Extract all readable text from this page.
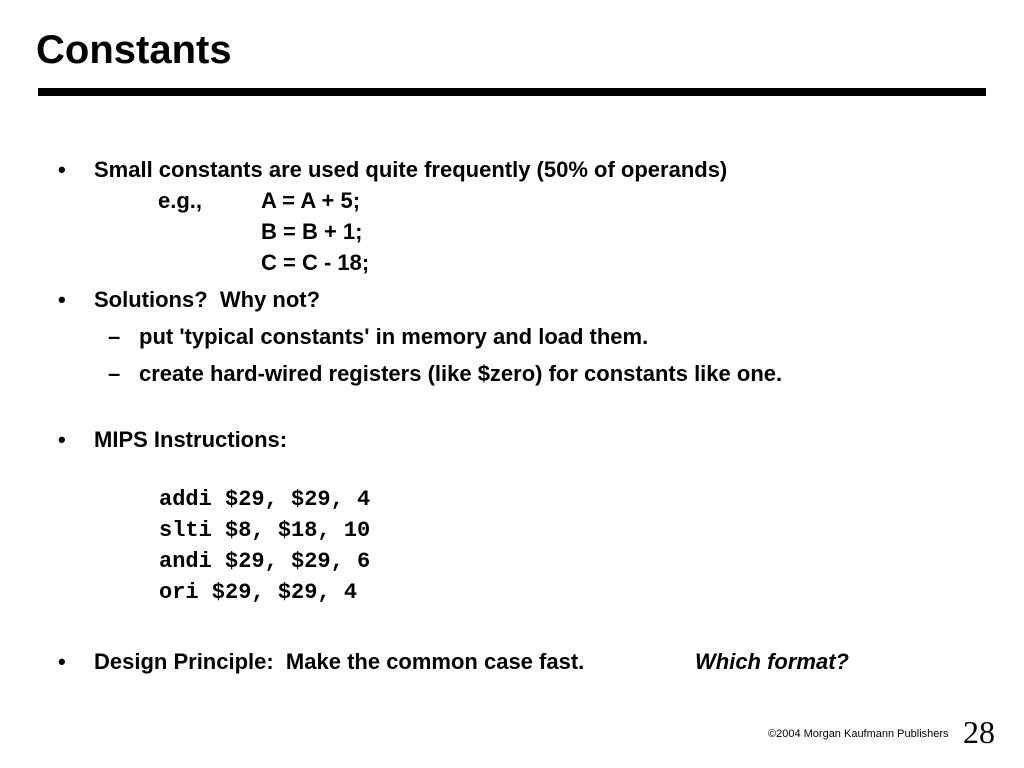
Constants
• Small constants are used quite frequently (50% of operands)
e.g.,	A = A + 5;
B = B + 1;
C = C - 18;
• Solutions?  Why not?
– put 'typical constants' in memory and load them.
– create hard-wired registers (like $zero) for constants like one.
• MIPS Instructions:
addi $29, $29, 4
slti $8, $18, 10
andi $29, $29, 6
ori $29, $29, 4
• Design Principle:  Make the common case fast.	Which format?
©2004 Morgan Kaufmann Publishers 28
